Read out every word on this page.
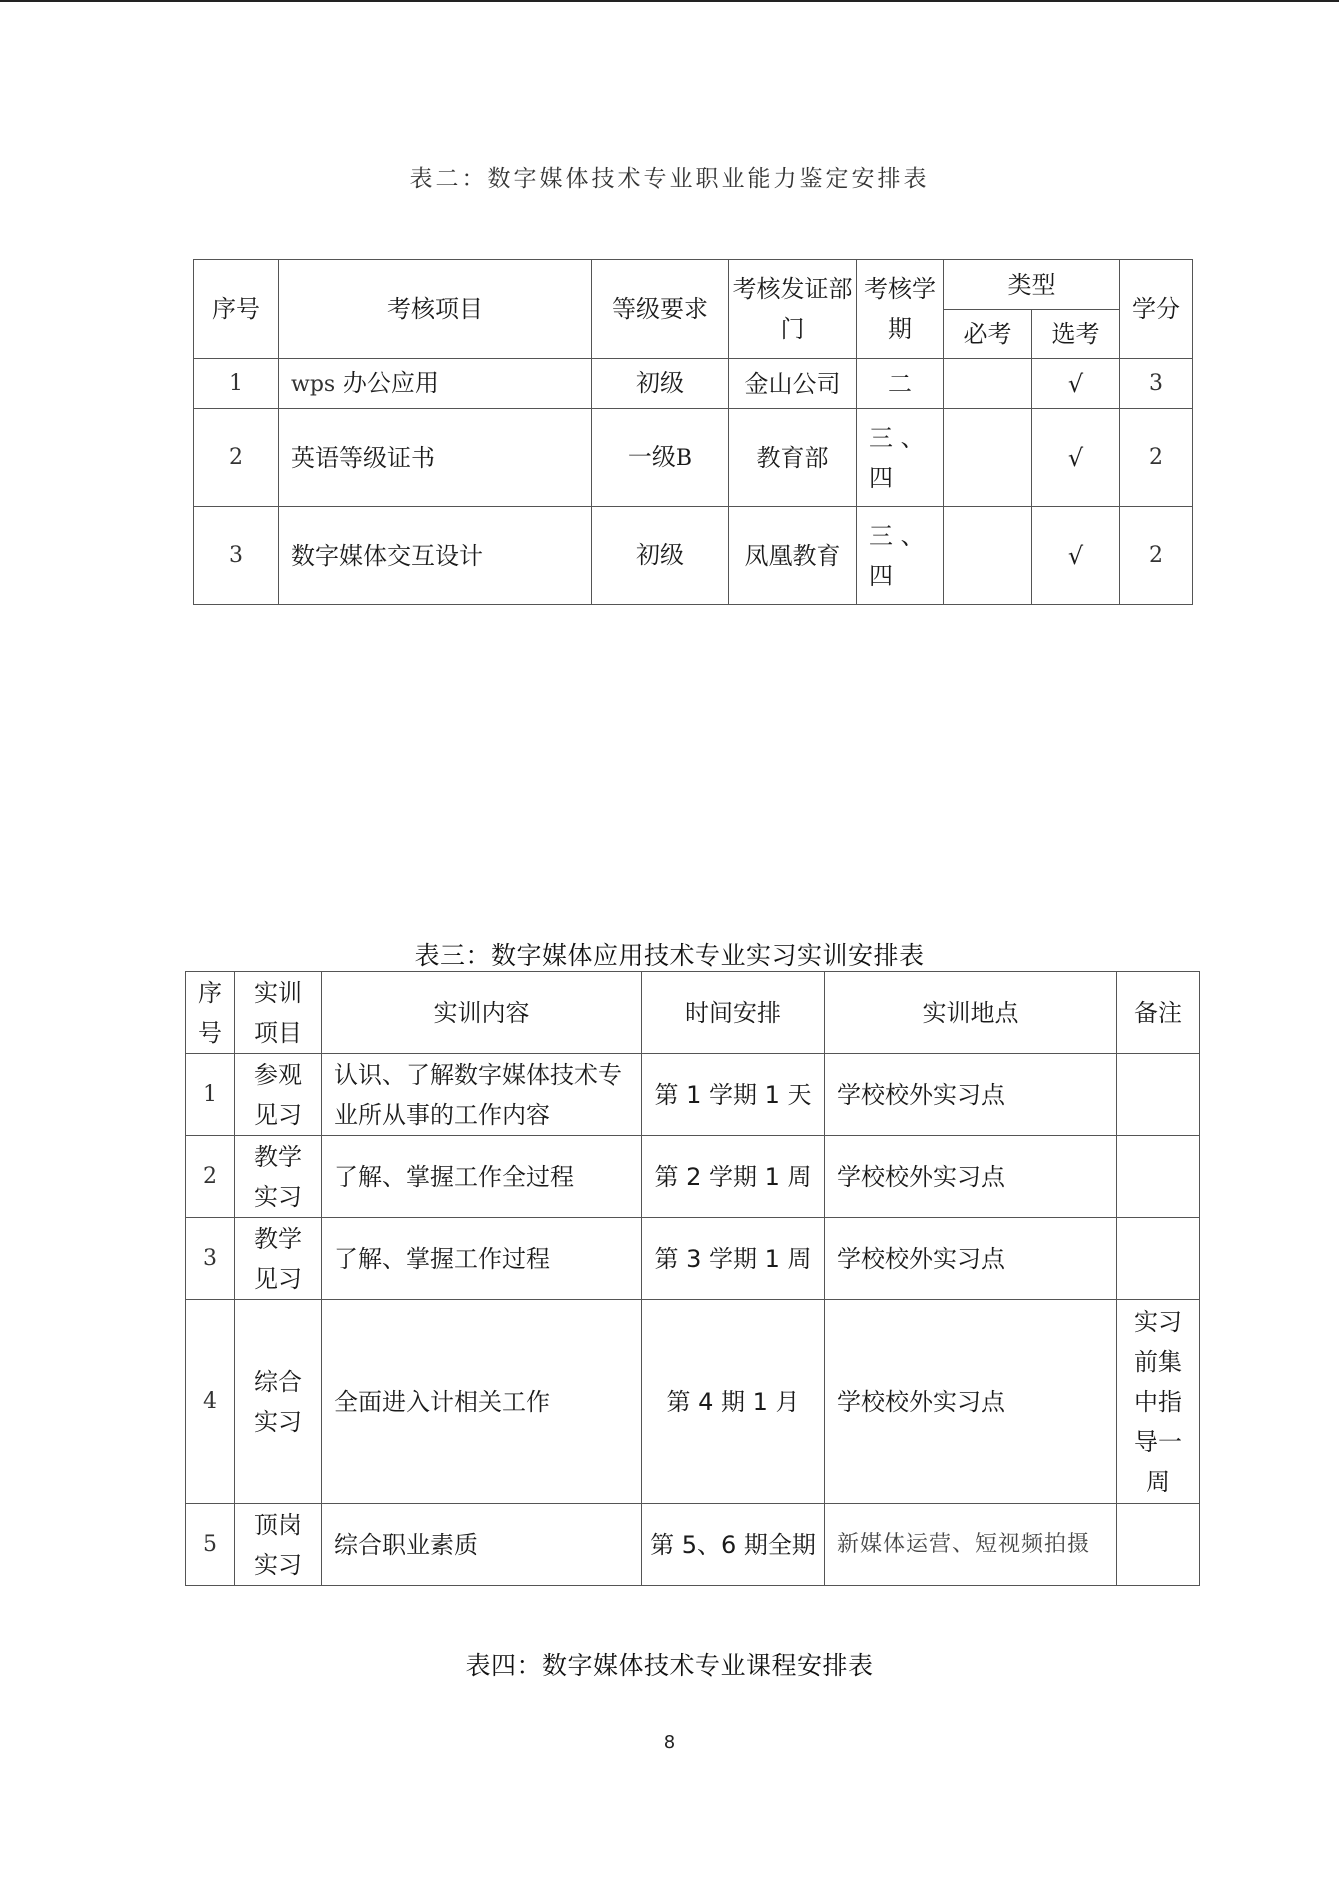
表二：数字媒体技术专业职业能力鉴定安排表
序号	考核项目	等级要求	考核发证部门	考核学期	类型		学分
					必考	选考	
1	wps 办公应用	初级	金山公司	二		√	3
2	英语等级证书	一级B	教育部	三 、四		√	2
3	数字媒体交互设计	初级	凤凰教育	三 、四		√	2
表三：数字媒体应用技术专业实习实训安排表
序号	实训项目	实训内容	时间安排	实训地点	备注
1	参观见习	认识、了解数字媒体技术专业所从事的工作内容	第 1 学期 1 天	学校校外实习点	
2	教学实习	了解、掌握工作全过程	第 2 学期 1 周	学校校外实习点	
3	教学见习	了解、掌握工作过程	第 3 学期 1 周	学校校外实习点	
4	综合实习	全面进入计相关工作	第 4 期 1 月	学校校外实习点	实习前集中指导一周
5	顶岗实习	综合职业素质	第 5、6 期全期	新媒体运营、短视频拍摄	
表四：数字媒体技术专业课程安排表
8
